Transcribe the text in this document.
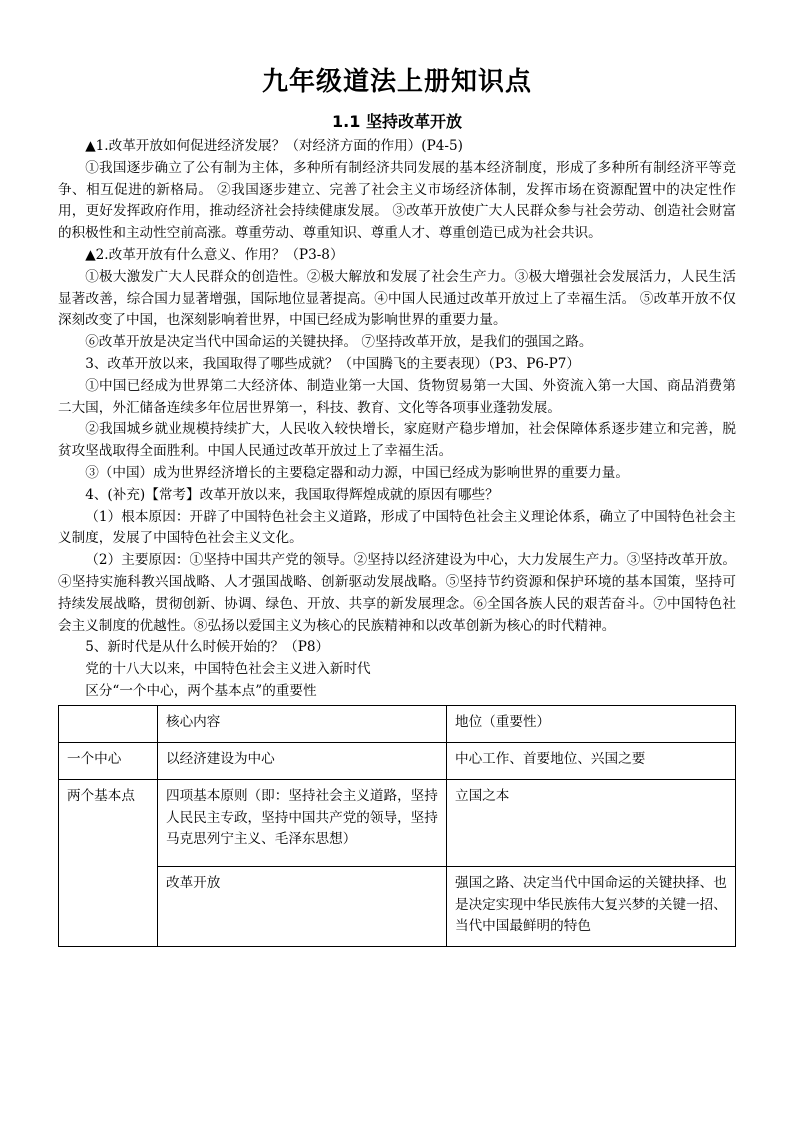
九年级道法上册知识点
1.1 坚持改革开放

▲1.改革开放如何促进经济发展？（对经济方面的作用）(P4-5)

①我国逐步确立了公有制为主体，多种所有制经济共同发展的基本经济制度，形成了多种所有制经济平等竞争、相互促进的新格局。 ②我国逐步建立、完善了社会主义市场经济体制，发挥市场在资源配置中的决定性作用，更好发挥政府作用，推动经济社会持续健康发展。 ③改革开放使广大人民群众参与社会劳动、创造社会财富的积极性和主动性空前高涨。尊重劳动、尊重知识、尊重人才、尊重创造已成为社会共识。

▲2.改革开放有什么意义、作用？（P3-8）

①极大激发广大人民群众的创造性。②极大解放和发展了社会生产力。③极大增强社会发展活力，人民生活显著改善，综合国力显著增强，国际地位显著提高。④中国人民通过改革开放过上了幸福生活。 ⑤改革开放不仅深刻改变了中国，也深刻影响着世界，中国已经成为影响世界的重要力量。

⑥改革开放是决定当代中国命运的关键抉择。 ⑦坚持改革开放，是我们的强国之路。

3、改革开放以来，我国取得了哪些成就？（中国腾飞的主要表现）（P3、P6-P7）

①中国已经成为世界第二大经济体、制造业第一大国、货物贸易第一大国、外资流入第一大国、商品消费第二大国，外汇储备连续多年位居世界第一，科技、教育、文化等各项事业蓬勃发展。

②我国城乡就业规模持续扩大，人民收入较快增长，家庭财产稳步增加，社会保障体系逐步建立和完善，脱贫攻坚战取得全面胜利。中国人民通过改革开放过上了幸福生活。

③（中国）成为世界经济增长的主要稳定器和动力源，中国已经成为影响世界的重要力量。

4、(补充)【常考】改革开放以来，我国取得辉煌成就的原因有哪些？

（1）根本原因：开辟了中国特色社会主义道路，形成了中国特色社会主义理论体系，确立了中国特色社会主义制度，发展了中国特色社会主义文化。

（2）主要原因：①坚持中国共产党的领导。②坚持以经济建设为中心，大力发展生产力。③坚持改革开放。④坚持实施科教兴国战略、人才强国战略、创新驱动发展战略。⑤坚持节约资源和保护环境的基本国策，坚持可持续发展战略，贯彻创新、协调、绿色、开放、共享的新发展理念。⑥全国各族人民的艰苦奋斗。⑦中国特色社会主义制度的优越性。⑧弘扬以爱国主义为核心的民族精神和以改革创新为核心的时代精神。

5、新时代是从什么时候开始的？（P8）

党的十八大以来，中国特色社会主义进入新时代

区分“一个中心，两个基本点”的重要性

	核心内容	地位（重要性）
一个中心	以经济建设为中心	中心工作、首要地位、兴国之要
两个基本点	四项基本原则（即：坚持社会主义道路，坚持人民民主专政，坚持中国共产党的领导，坚持马克思列宁主义、毛泽东思想）	立国之本
	改革开放	强国之路、决定当代中国命运的关键抉择、也是决定实现中华民族伟大复兴梦的关键一招、当代中国最鲜明的特色
